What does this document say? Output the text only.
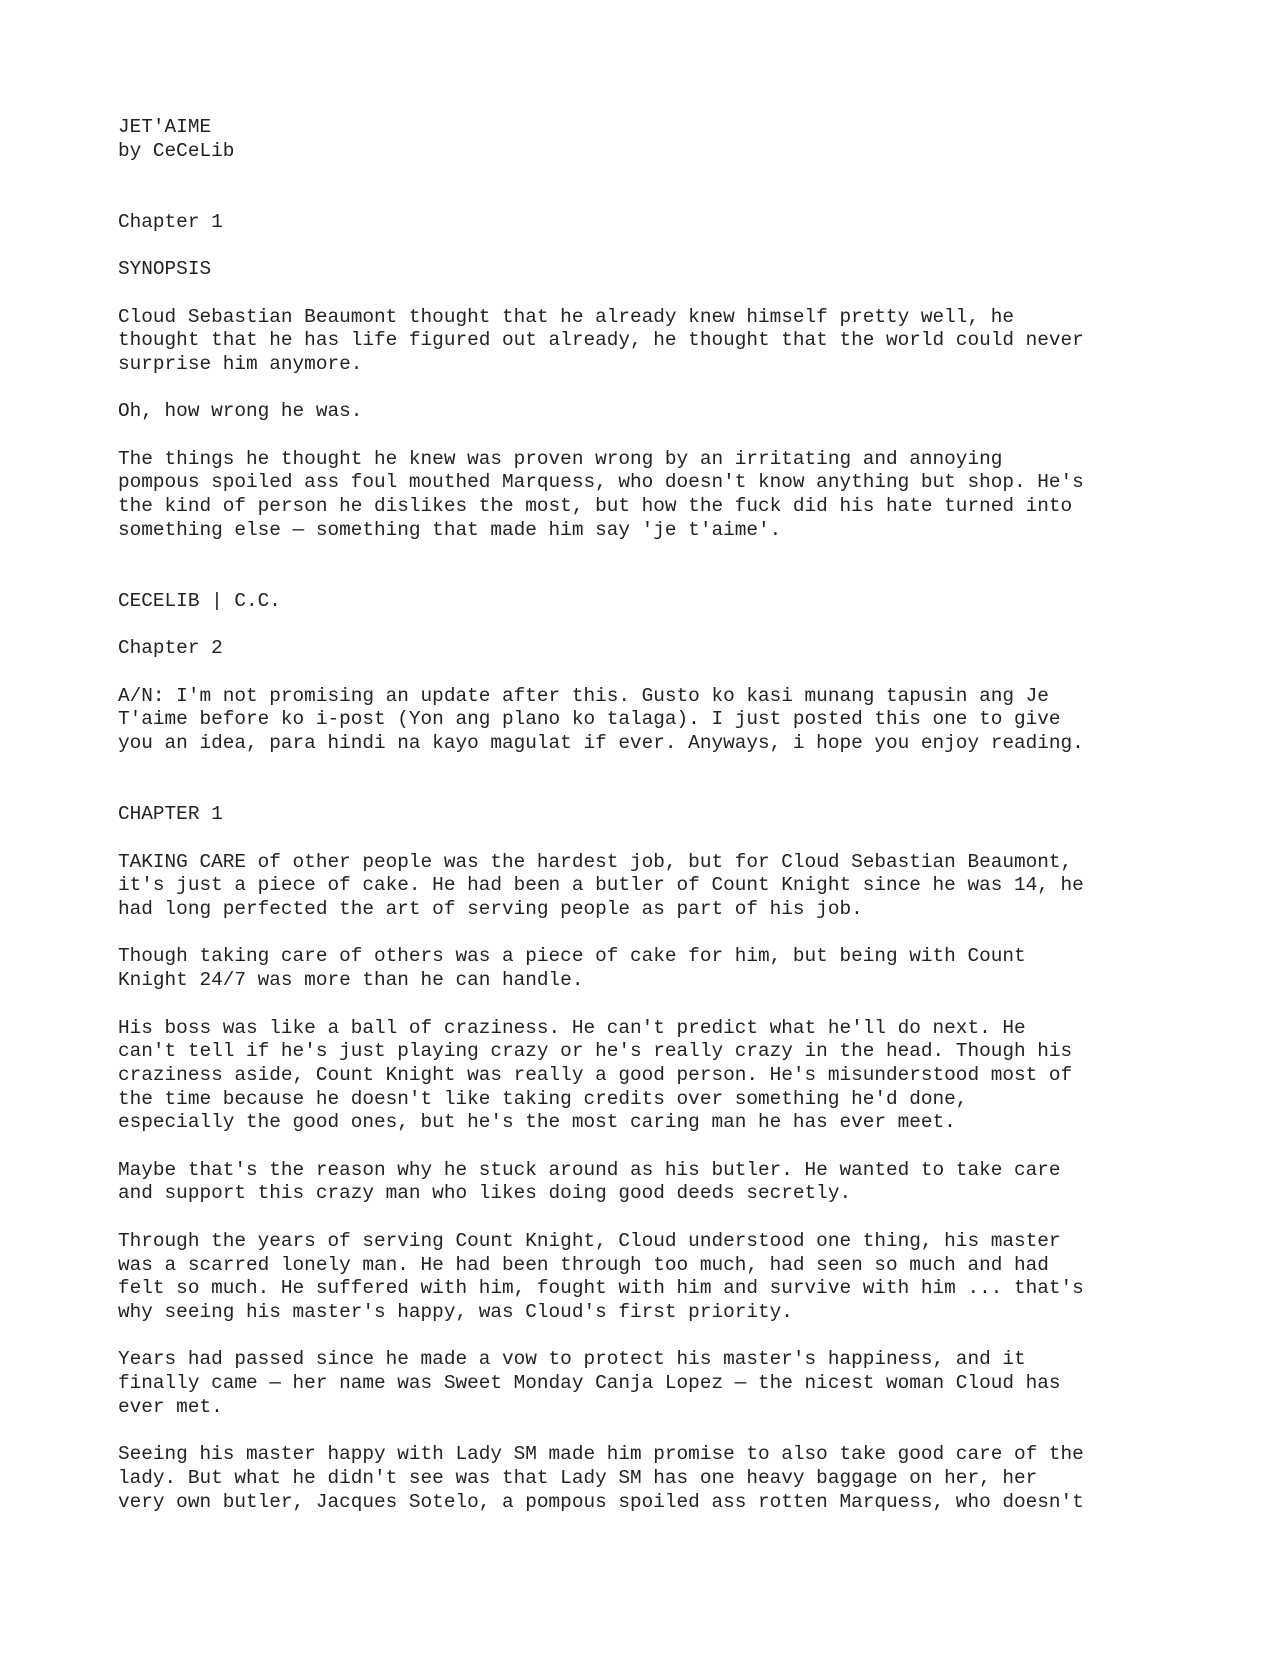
JET'AIME

by CeCeLib

Chapter 1

SYNOPSIS

Cloud Sebastian Beaumont thought that he already knew himself pretty well, he
thought that he has life figured out already, he thought that the world could never
surprise him anymore.

Oh, how wrong he was.

The things he thought he knew was proven wrong by an irritating and annoying
pompous spoiled ass foul mouthed Marquess, who doesn't know anything but shop. He's
the kind of person he dislikes the most, but how the fuck did his hate turned into
something else — something that made him say 'je t'aime'.

CECELIB | C.C.

Chapter 2

A/N: I'm not promising an update after this. Gusto ko kasi munang tapusin ang Je
T'aime before ko i-post (Yon ang plano ko talaga). I just posted this one to give
you an idea, para hindi na kayo magulat if ever. Anyways, i hope you enjoy reading.

CHAPTER 1

TAKING CARE of other people was the hardest job, but for Cloud Sebastian Beaumont,
it's just a piece of cake. He had been a butler of Count Knight since he was 14, he
had long perfected the art of serving people as part of his job.

Though taking care of others was a piece of cake for him, but being with Count
Knight 24/7 was more than he can handle.

His boss was like a ball of craziness. He can't predict what he'll do next. He
can't tell if he's just playing crazy or he's really crazy in the head. Though his
craziness aside, Count Knight was really a good person. He's misunderstood most of
the time because he doesn't like taking credits over something he'd done,
especially the good ones, but he's the most caring man he has ever meet.

Maybe that's the reason why he stuck around as his butler. He wanted to take care
and support this crazy man who likes doing good deeds secretly.

Through the years of serving Count Knight, Cloud understood one thing, his master
was a scarred lonely man. He had been through too much, had seen so much and had
felt so much. He suffered with him, fought with him and survive with him ... that's
why seeing his master's happy, was Cloud's first priority.

Years had passed since he made a vow to protect his master's happiness, and it
finally came — her name was Sweet Monday Canja Lopez — the nicest woman Cloud has
ever met.

Seeing his master happy with Lady SM made him promise to also take good care of the
lady. But what he didn't see was that Lady SM has one heavy baggage on her, her
very own butler, Jacques Sotelo, a pompous spoiled ass rotten Marquess, who doesn't
